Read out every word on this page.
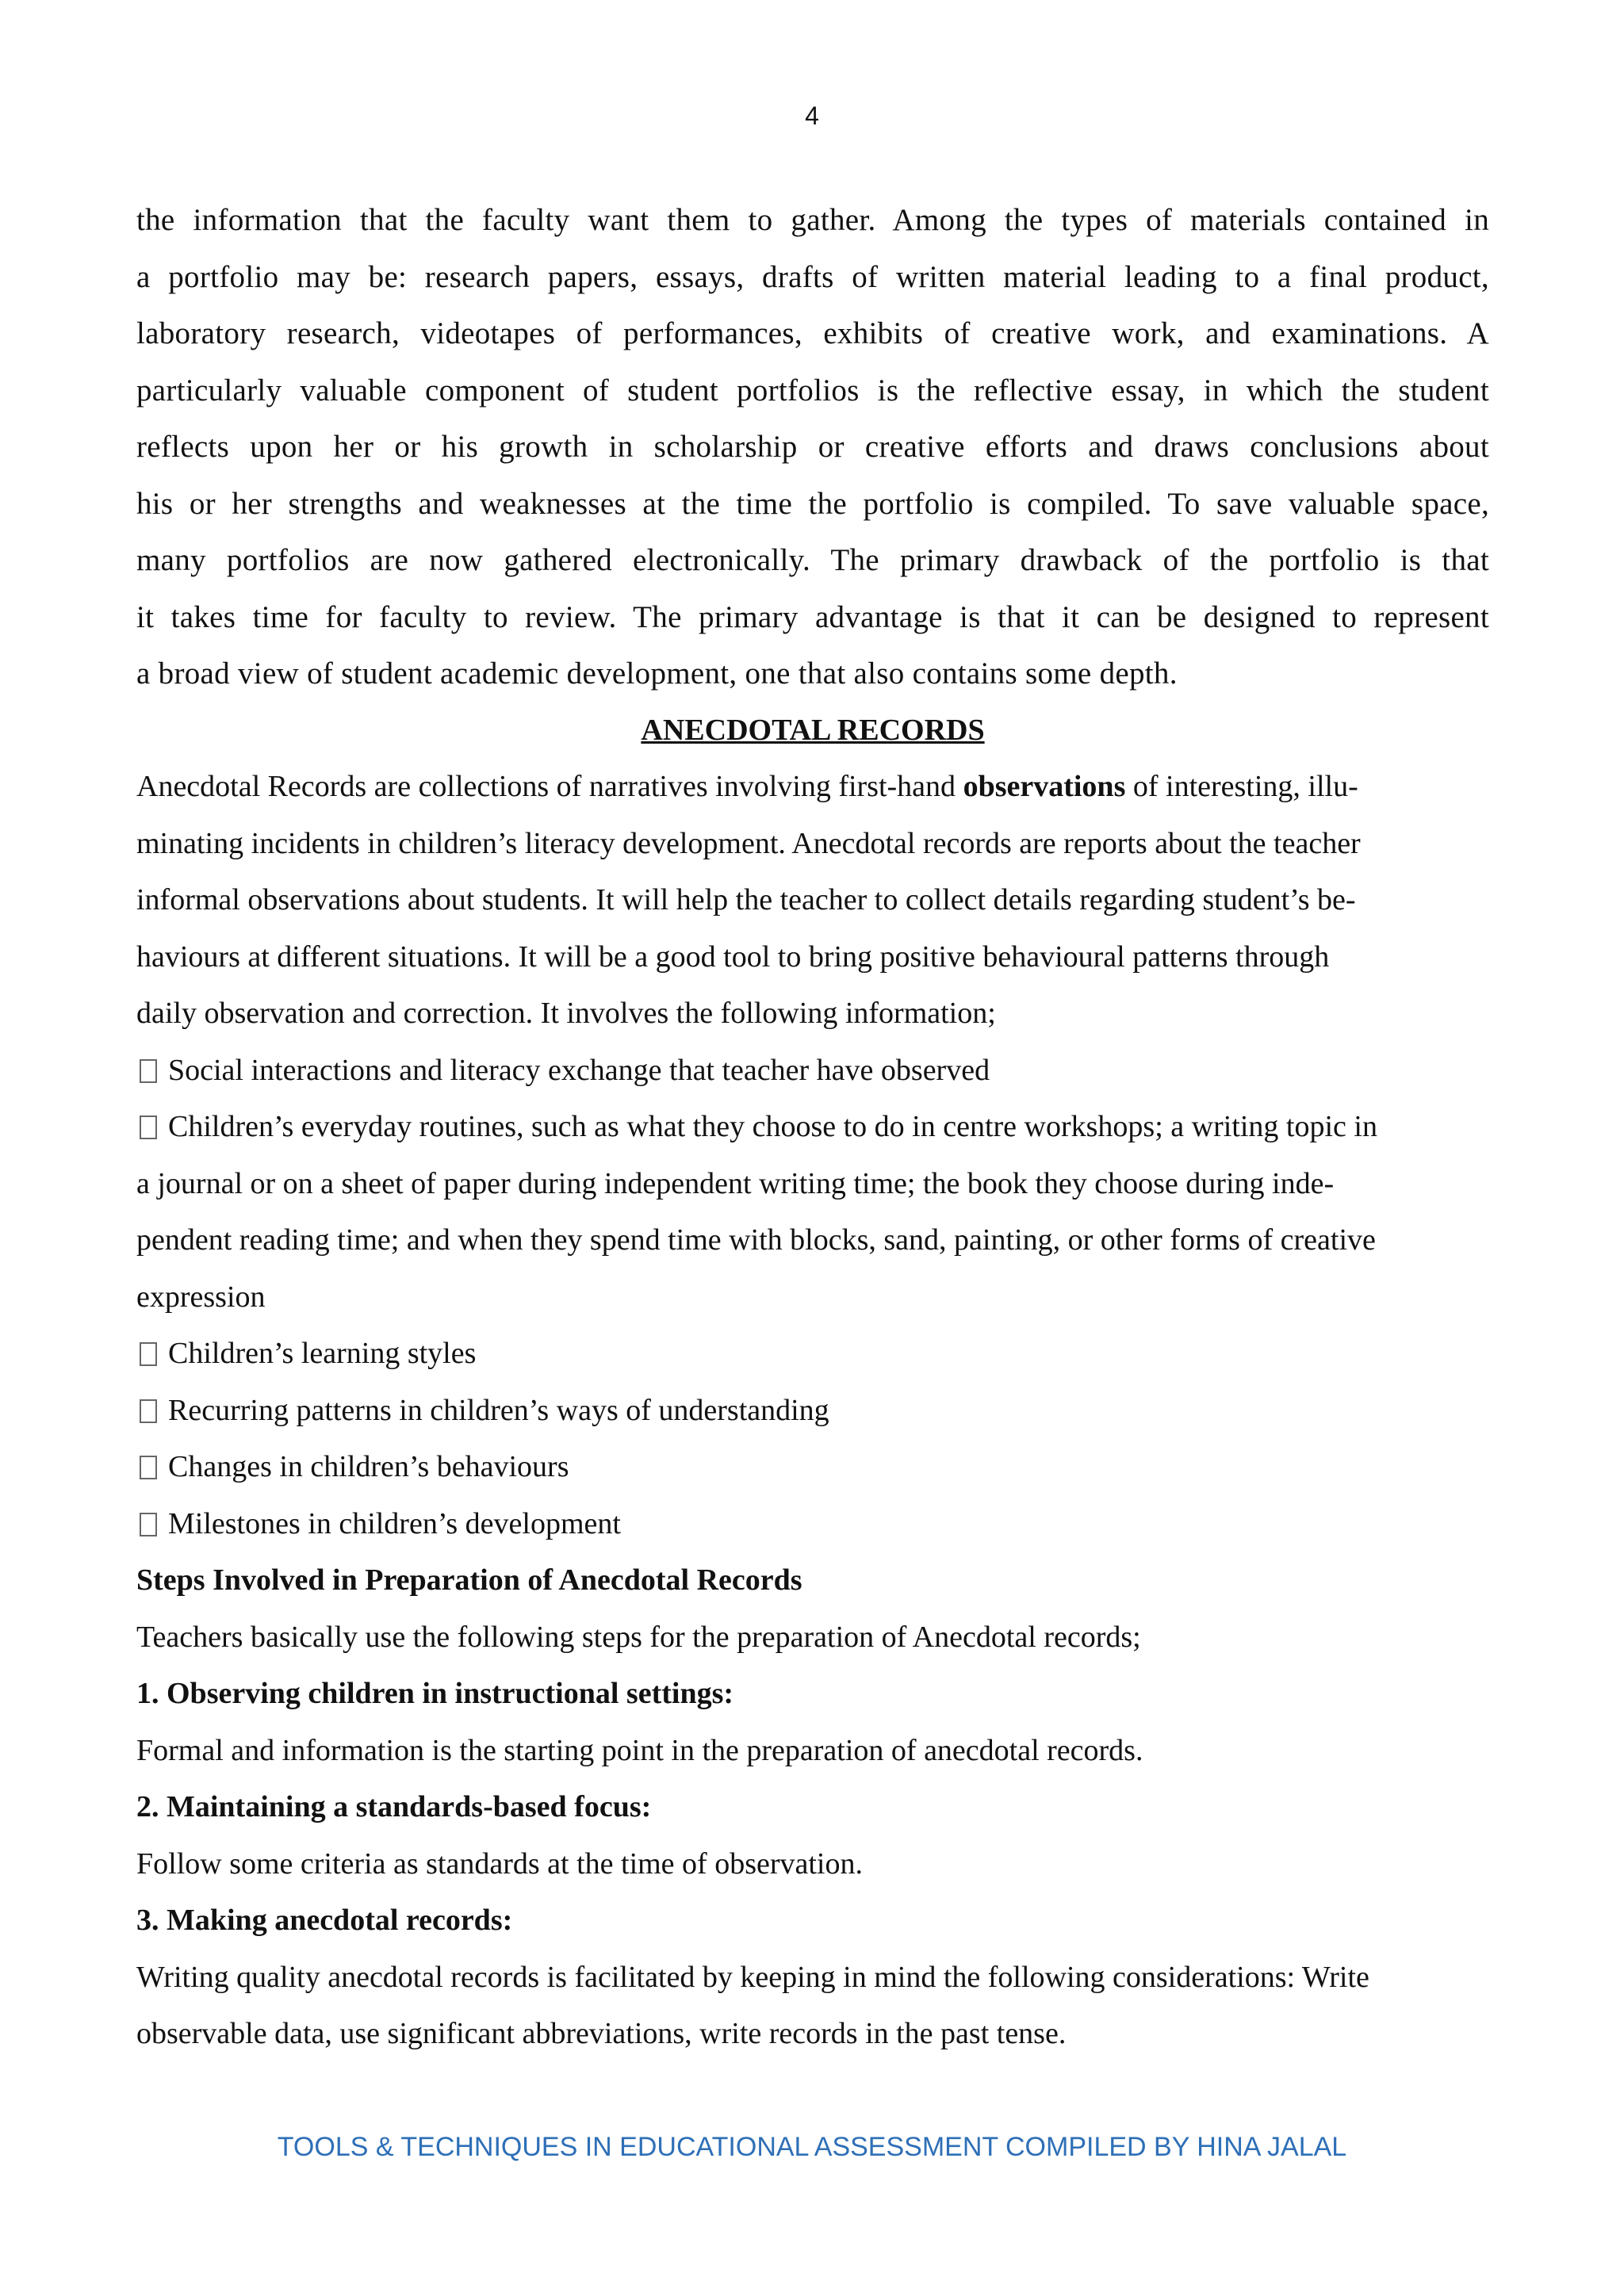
4
the information that the faculty want them to gather. Among the types of materials contained in
a portfolio may be: research papers, essays, drafts of written material leading to a final product,
laboratory research, videotapes of performances, exhibits of creative work, and examinations. A
particularly valuable component of student portfolios is the reflective essay, in which the student
reflects upon her or his growth in scholarship or creative efforts and draws conclusions about
his or her strengths and weaknesses at the time the portfolio is compiled. To save valuable space,
many portfolios are now gathered electronically. The primary drawback of the portfolio is that
it takes time for faculty to review. The primary advantage is that it can be designed to represent
a broad view of student academic development, one that also contains some depth.
ANECDOTAL RECORDS
Anecdotal Records are collections of narratives involving first-hand observations of interesting, illu-
minating incidents in children’s literacy development. Anecdotal records are reports about the teacher
informal observations about students. It will help the teacher to collect details regarding student’s be-
haviours at different situations. It will be a good tool to bring positive behavioural patterns through
daily observation and correction. It involves the following information;
Social interactions and literacy exchange that teacher have observed
Children’s everyday routines, such as what they choose to do in centre workshops; a writing topic in
a journal or on a sheet of paper during independent writing time; the book they choose during inde-
pendent reading time; and when they spend time with blocks, sand, painting, or other forms of creative
expression
Children’s learning styles
Recurring patterns in children’s ways of understanding
Changes in children’s behaviours
Milestones in children’s development
Steps Involved in Preparation of Anecdotal Records
Teachers basically use the following steps for the preparation of Anecdotal records;
1. Observing children in instructional settings:
Formal and information is the starting point in the preparation of anecdotal records.
2. Maintaining a standards-based focus:
Follow some criteria as standards at the time of observation.
3. Making anecdotal records:
Writing quality anecdotal records is facilitated by keeping in mind the following considerations: Write
observable data, use significant abbreviations, write records in the past tense.
TOOLS & TECHNIQUES IN EDUCATIONAL ASSESSMENT COMPILED BY HINA JALAL
